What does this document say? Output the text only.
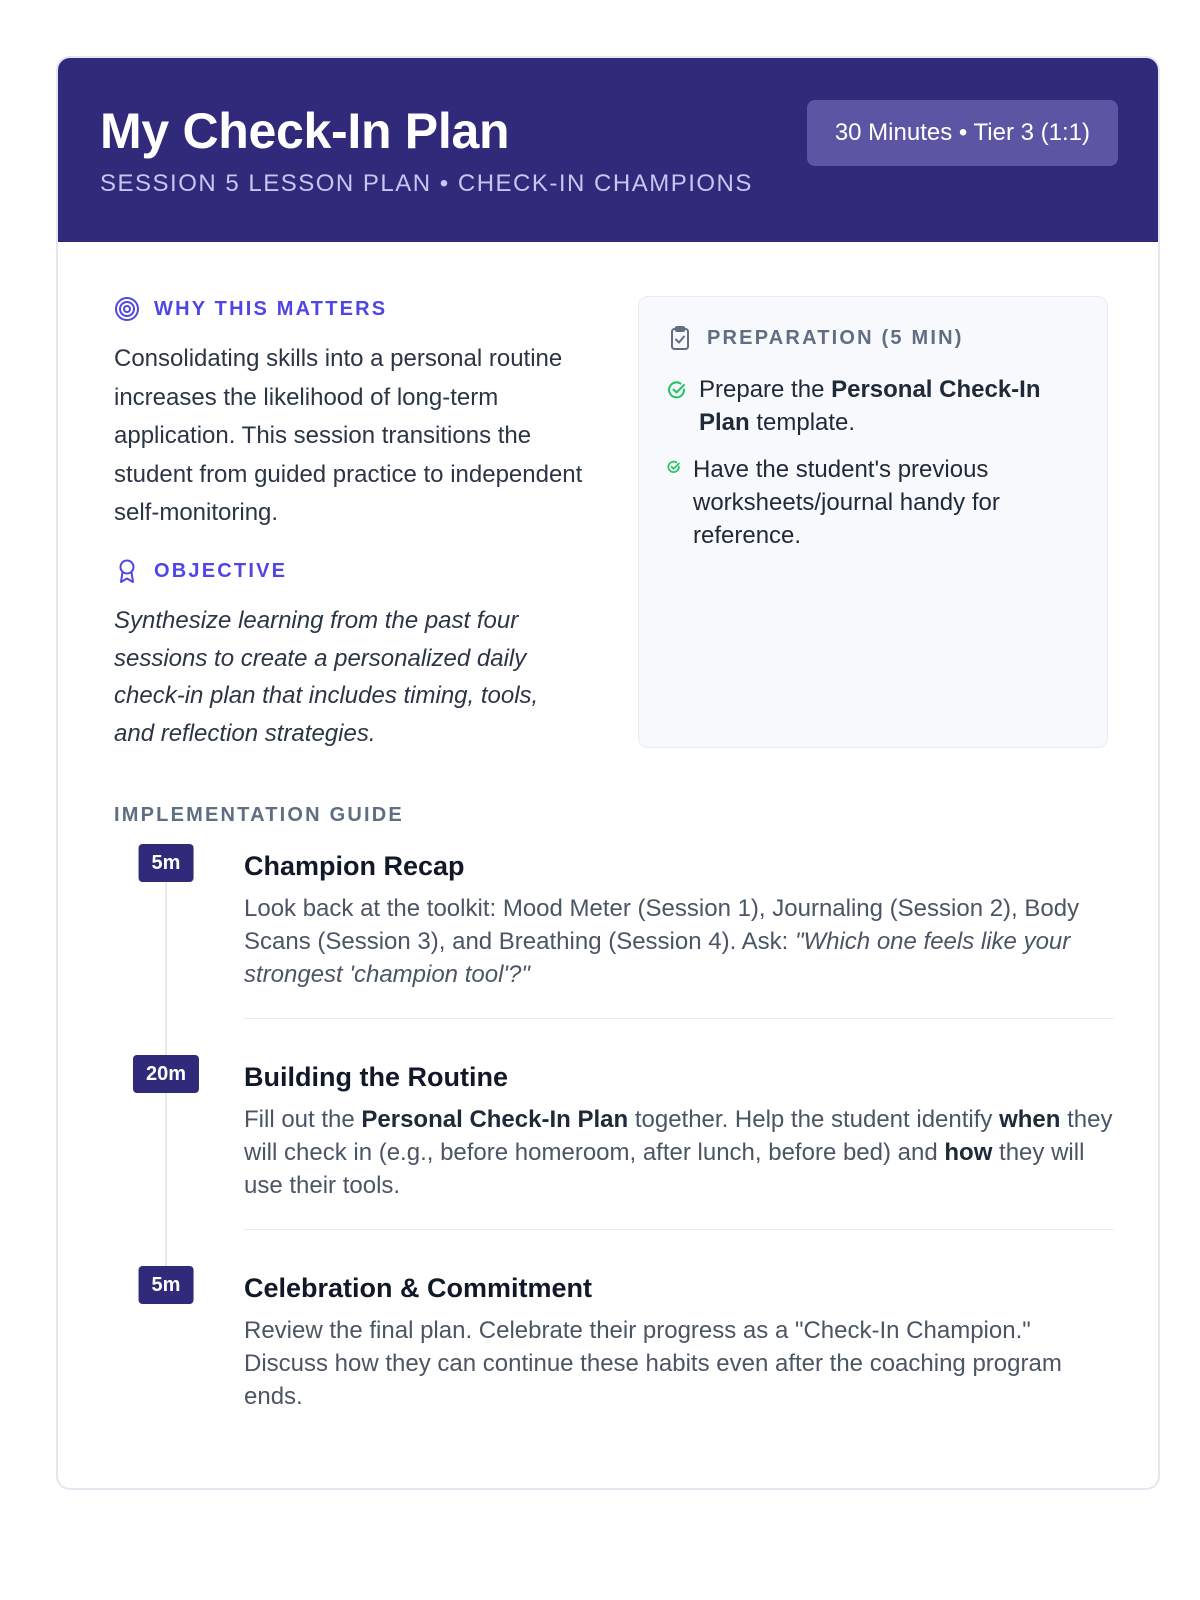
My Check-In Plan
SESSION 5 LESSON PLAN • CHECK-IN CHAMPIONS
30 Minutes • Tier 3 (1:1)
WHY THIS MATTERS
Consolidating skills into a personal routine increases the likelihood of long-term application. This session transitions the student from guided practice to independent self-monitoring.
OBJECTIVE
Synthesize learning from the past four sessions to create a personalized daily check-in plan that includes timing, tools, and reflection strategies.
PREPARATION (5 MIN)
Prepare the Personal Check-In Plan template.
Have the student's previous worksheets/journal handy for reference.
IMPLEMENTATION GUIDE
5m	Champion Recap

Look back at the toolkit: Mood Meter (Session 1), Journaling (Session 2), Body Scans (Session 3), and Breathing (Session 4). Ask: "Which one feels like your strongest 'champion tool'?"

20m	Building the Routine

Fill out the Personal Check-In Plan together. Help the student identify when they will check in (e.g., before homeroom, after lunch, before bed) and how they will use their tools.

5m	Celebration & Commitment

Review the final plan. Celebrate their progress as a "Check-In Champion." Discuss how they can continue these habits even after the coaching program ends.
